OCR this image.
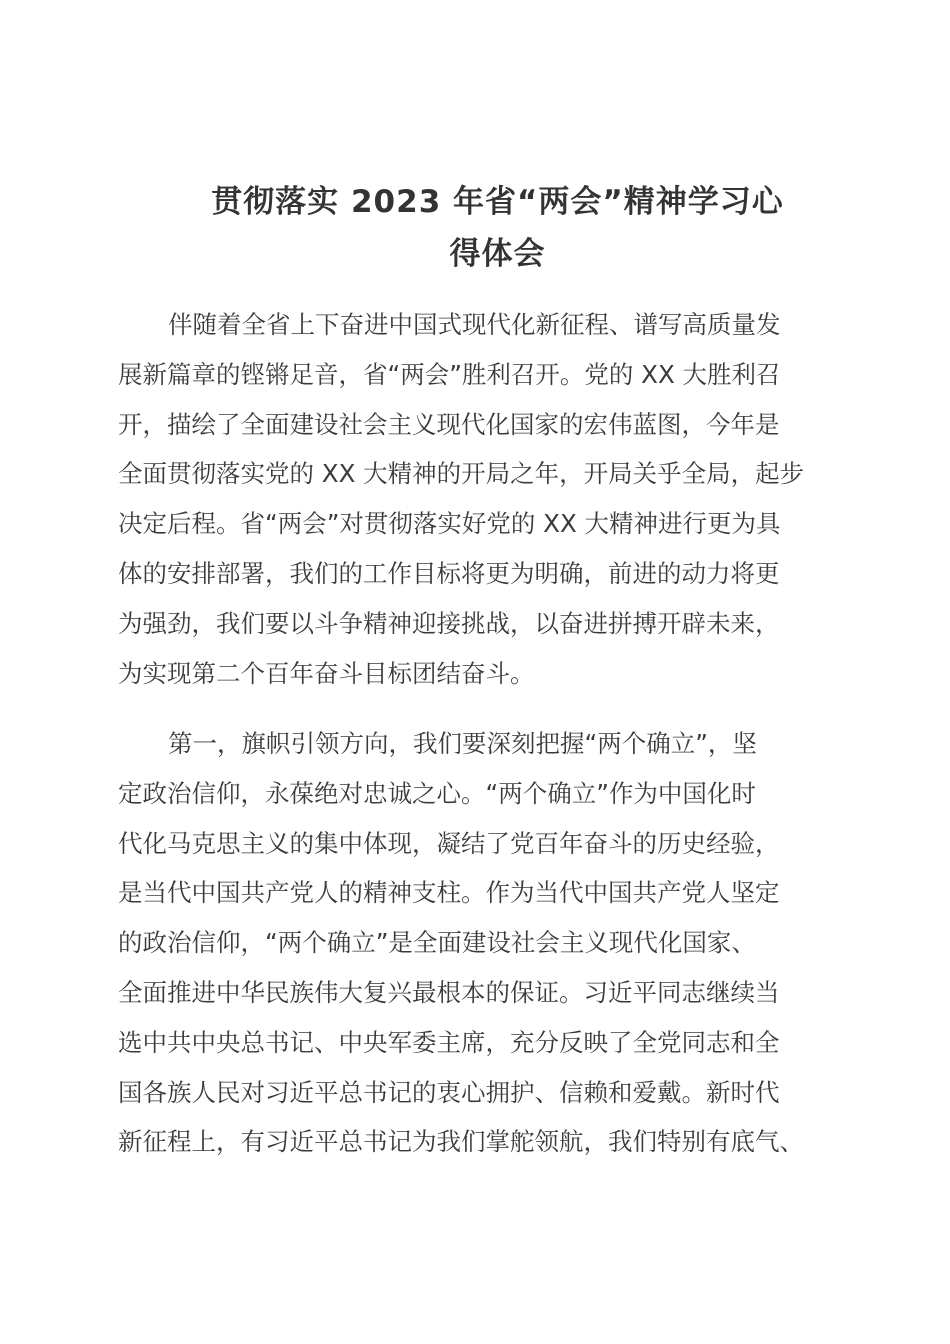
贯彻落实 2023 年省“两会”精神学习心
得体会
伴随着全省上下奋进中国式现代化新征程、谱写高质量发
展新篇章的铿锵足音，省“两会”胜利召开。党的 XX 大胜利召
开，描绘了全面建设社会主义现代化国家的宏伟蓝图，今年是
全面贯彻落实党的 XX 大精神的开局之年，开局关乎全局，起步
决定后程。省“两会”对贯彻落实好党的 XX 大精神进行更为具
体的安排部署，我们的工作目标将更为明确，前进的动力将更
为强劲，我们要以斗争精神迎接挑战，以奋进拼搏开辟未来，
为实现第二个百年奋斗目标团结奋斗。
第一，旗帜引领方向，我们要深刻把握“两个确立”，坚
定政治信仰，永葆绝对忠诚之心。“两个确立”作为中国化时
代化马克思主义的集中体现，凝结了党百年奋斗的历史经验，
是当代中国共产党人的精神支柱。作为当代中国共产党人坚定
的政治信仰，“两个确立”是全面建设社会主义现代化国家、
全面推进中华民族伟大复兴最根本的保证。习近平同志继续当
选中共中央总书记、中央军委主席，充分反映了全党同志和全
国各族人民对习近平总书记的衷心拥护、信赖和爱戴。新时代
新征程上，有习近平总书记为我们掌舵领航，我们特别有底气、
